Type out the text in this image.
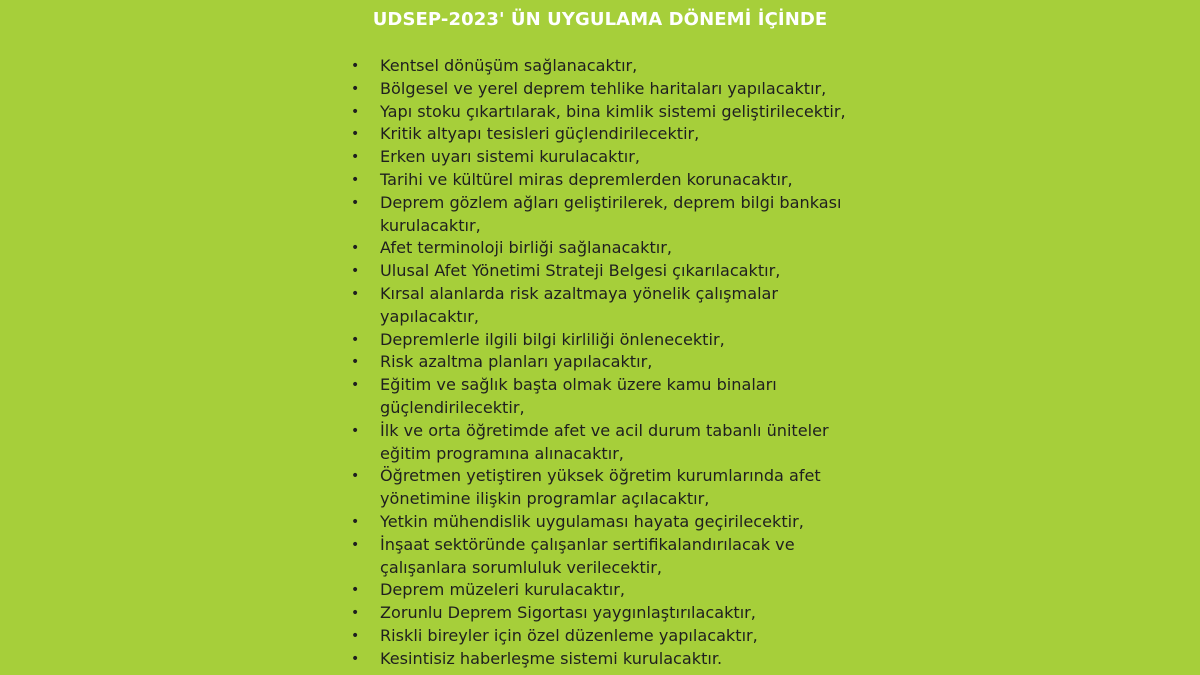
UDSEP-2023' ÜN UYGULAMA DÖNEMİ İÇİNDE
• Kentsel dönüşüm sağlanacaktır,
• Bölgesel ve yerel deprem tehlike haritaları yapılacaktır,
• Yapı stoku çıkartılarak, bina kimlik sistemi geliştirilecektir,
• Kritik altyapı tesisleri güçlendirilecektir,
• Erken uyarı sistemi kurulacaktır,
• Tarihi ve kültürel miras depremlerden korunacaktır,
• Deprem gözlem ağları geliştirilerek, deprem bilgi bankası
kurulacaktır,
• Afet terminoloji birliği sağlanacaktır,
• Ulusal Afet Yönetimi Strateji Belgesi çıkarılacaktır,
• Kırsal alanlarda risk azaltmaya yönelik çalışmalar
yapılacaktır,
• Depremlerle ilgili bilgi kirliliği önlenecektir,
• Risk azaltma planları yapılacaktır,
• Eğitim ve sağlık başta olmak üzere kamu binaları
güçlendirilecektir,
• İlk ve orta öğretimde afet ve acil durum tabanlı üniteler
eğitim programına alınacaktır,
• Öğretmen yetiştiren yüksek öğretim kurumlarında afet
yönetimine ilişkin programlar açılacaktır,
• Yetkin mühendislik uygulaması hayata geçirilecektir,
• İnşaat sektöründe çalışanlar sertifikalandırılacak ve
çalışanlara sorumluluk verilecektir,
• Deprem müzeleri kurulacaktır,
• Zorunlu Deprem Sigortası yaygınlaştırılacaktır,
• Riskli bireyler için özel düzenleme yapılacaktır,
• Kesintisiz haberleşme sistemi kurulacaktır.
